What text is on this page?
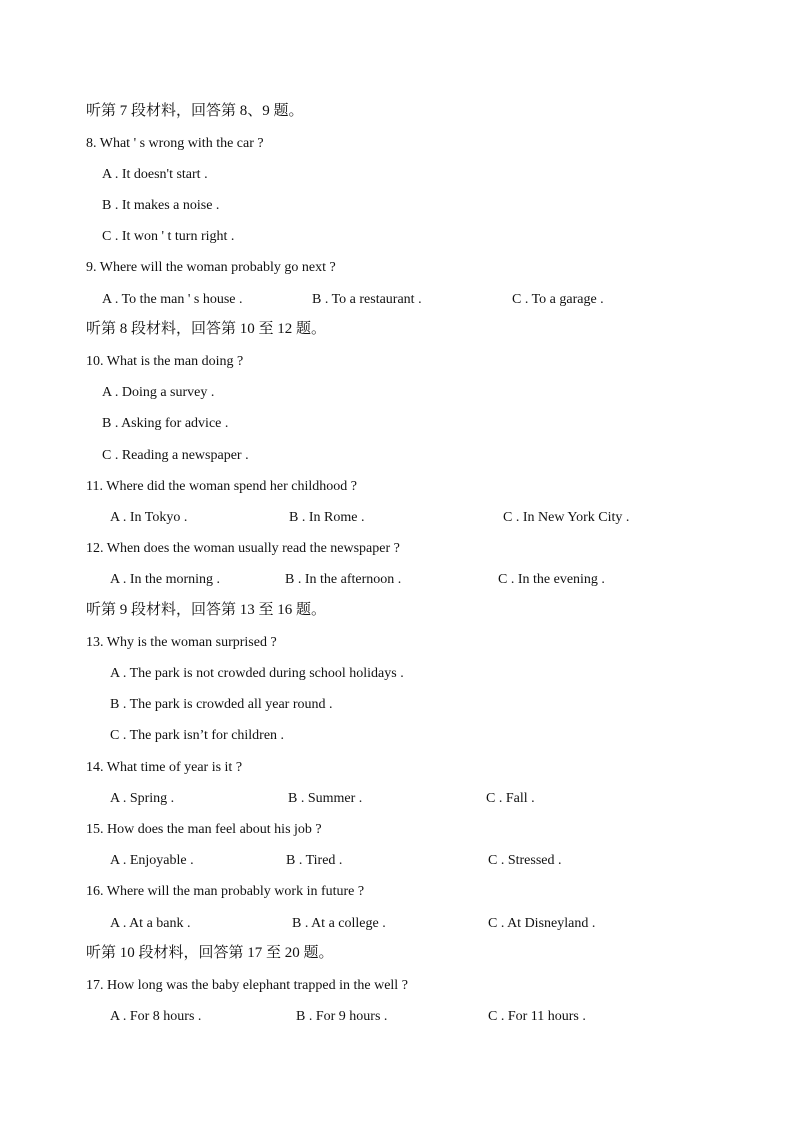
听第 7 段材料，回答第 8、9 题。
8. What ' s wrong with the car ?
A . It doesn't start .
B . It makes a noise .
C . It won ' t turn right .
9. Where will the woman probably go next ?
A . To the man ' s house .	B . To a restaurant .	C . To a garage .
听第 8 段材料，回答第 10 至 12 题。
10. What is the man doing ?
A . Doing a survey .
B . Asking for advice .
C . Reading a newspaper .
11. Where did the woman spend her childhood ?
A . In Tokyo .	B . In Rome .	C . In New York City .
12. When does the woman usually read the newspaper ?
A . In the morning .	B . In the afternoon .	C . In the evening .
听第 9 段材料，回答第 13 至 16 题。
13. Why is the woman surprised ?
A . The park is not crowded during school holidays .
B . The park is crowded all year round .
C . The park isn’t for children .
14. What time of year is it ?
A . Spring .	B . Summer .	C . Fall .
15. How does the man feel about his job ?
A . Enjoyable .	B . Tired .	C . Stressed .
16. Where will the man probably work in future ?
A . At a bank .	B . At a college .	C . At Disneyland .
听第 10 段材料，回答第 17 至 20 题。
17. How long was the baby elephant trapped in the well ?
A . For 8 hours .	B . For 9 hours .	C . For 11 hours .
